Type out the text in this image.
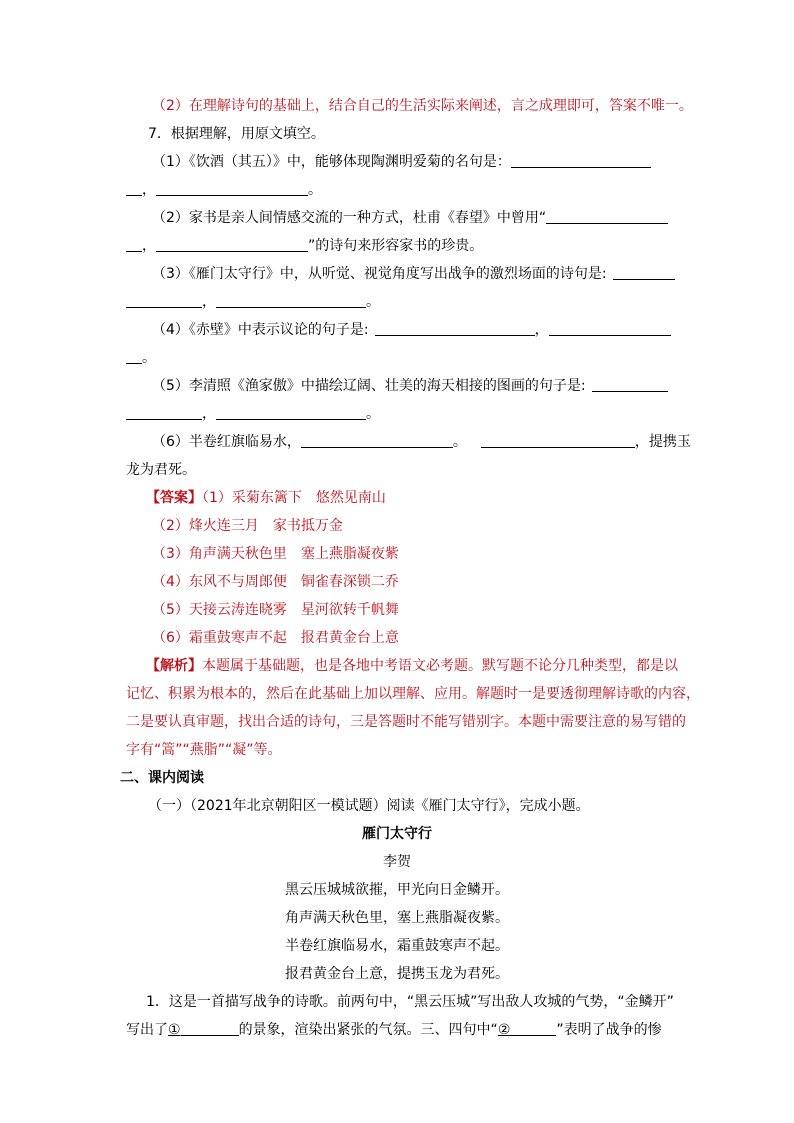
（2）在理解诗句的基础上，结合自己的生活实际来阐述，言之成理即可，答案不唯一。
7．根据理解，用原文填空。
（1）《饮酒（其五）》中，能够体现陶渊明爱菊的名句是：
，	。
（2）家书是亲人间情感交流的一种方式，杜甫《春望》中曾用“
，	”的诗句来形容家书的珍贵。
（3）《雁门太守行》中，从听觉、视觉角度写出战争的激烈场面的诗句是:
，	。
（4）《赤壁》中表示议论的句子是:	，
。
（5）李清照《渔家傲》中描绘辽阔、壮美的海天相接的图画的句子是:
，	。
（6）半卷红旗临易水，	。	，提携玉
龙为君死。
【答案】（1）采菊东篱下　悠然见南山
（2）烽火连三月　家书抵万金
（3）角声满天秋色里　塞上燕脂凝夜紫
（4）东风不与周郎便　铜雀春深锁二乔
（5）天接云涛连晓雾　星河欲转千帆舞
（6）霜重鼓寒声不起　报君黄金台上意
【解析】本题属于基础题，也是各地中考语文必考题。默写题不论分几种类型，都是以
记忆、积累为根本的，然后在此基础上加以理解、应用。解题时一是要透彻理解诗歌的内容，
二是要认真审题，找出合适的诗句，三是答题时不能写错别字。本题中需要注意的易写错的
字有“篙”“燕脂”“凝”等。
二、课内阅读
（一）（2021年北京朝阳区一模试题）阅读《雁门太守行》，完成小题。
雁门太守行
李贺
黑云压城城欲摧，甲光向日金鳞开。
角声满天秋色里，塞上燕脂凝夜紫。
半卷红旗临易水，霜重鼓寒声不起。
报君黄金台上意，提携玉龙为君死。
1．这是一首描写战争的诗歌。前两句中，“黑云压城”写出敌人攻城的气势，“金鳞开”
写出了①	的景象，渲染出紧张的气氛。三、四句中“②	”表明了战争的惨
